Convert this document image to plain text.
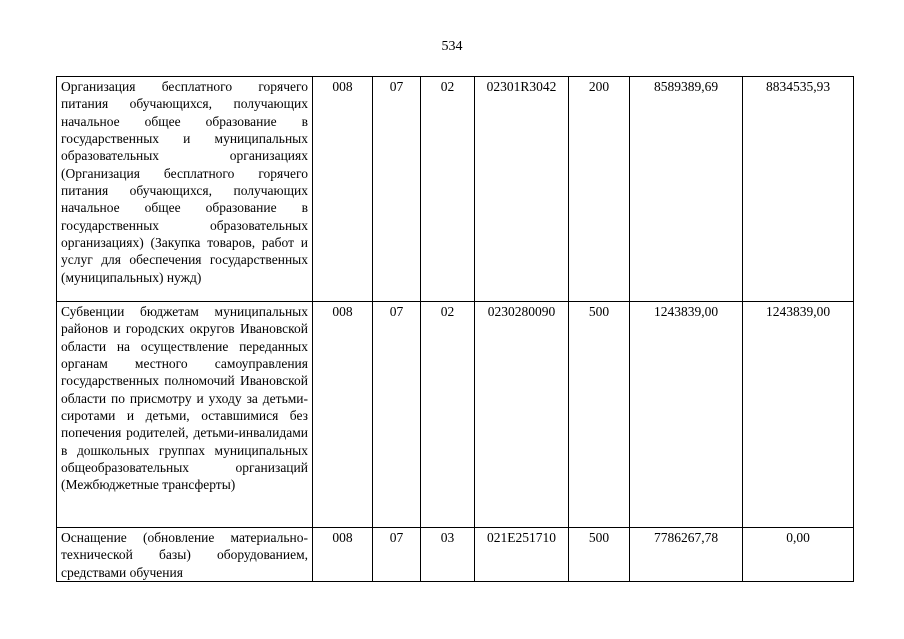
534
Организация бесплатного горячего питания обучающихся, получающих начальное общее образование в государственных и муниципальных образовательных организациях (Организация бесплатного горячего питания обучающихся, получающих начальное общее образование в государственных образовательных организациях) (Закупка товаров, работ и услуг для обеспечения государственных (муниципальных) нужд)	008	07	02	02301R3042	200	8589389,69	8834535,93
Субвенции бюджетам муниципальных районов и городских округов Ивановской области на осуществление переданных органам местного самоуправления государственных полномочий Ивановской области по присмотру и уходу за детьми-сиротами и детьми, оставшимися без попечения родителей, детьми-инвалидами в дошкольных группах муниципальных общеобразовательных организаций (Межбюджетные трансферты)	008	07	02	0230280090	500	1243839,00	1243839,00
Оснащение (обновление материально-технической базы) оборудованием, средствами обучения	008	07	03	021E251710	500	7786267,78	0,00
